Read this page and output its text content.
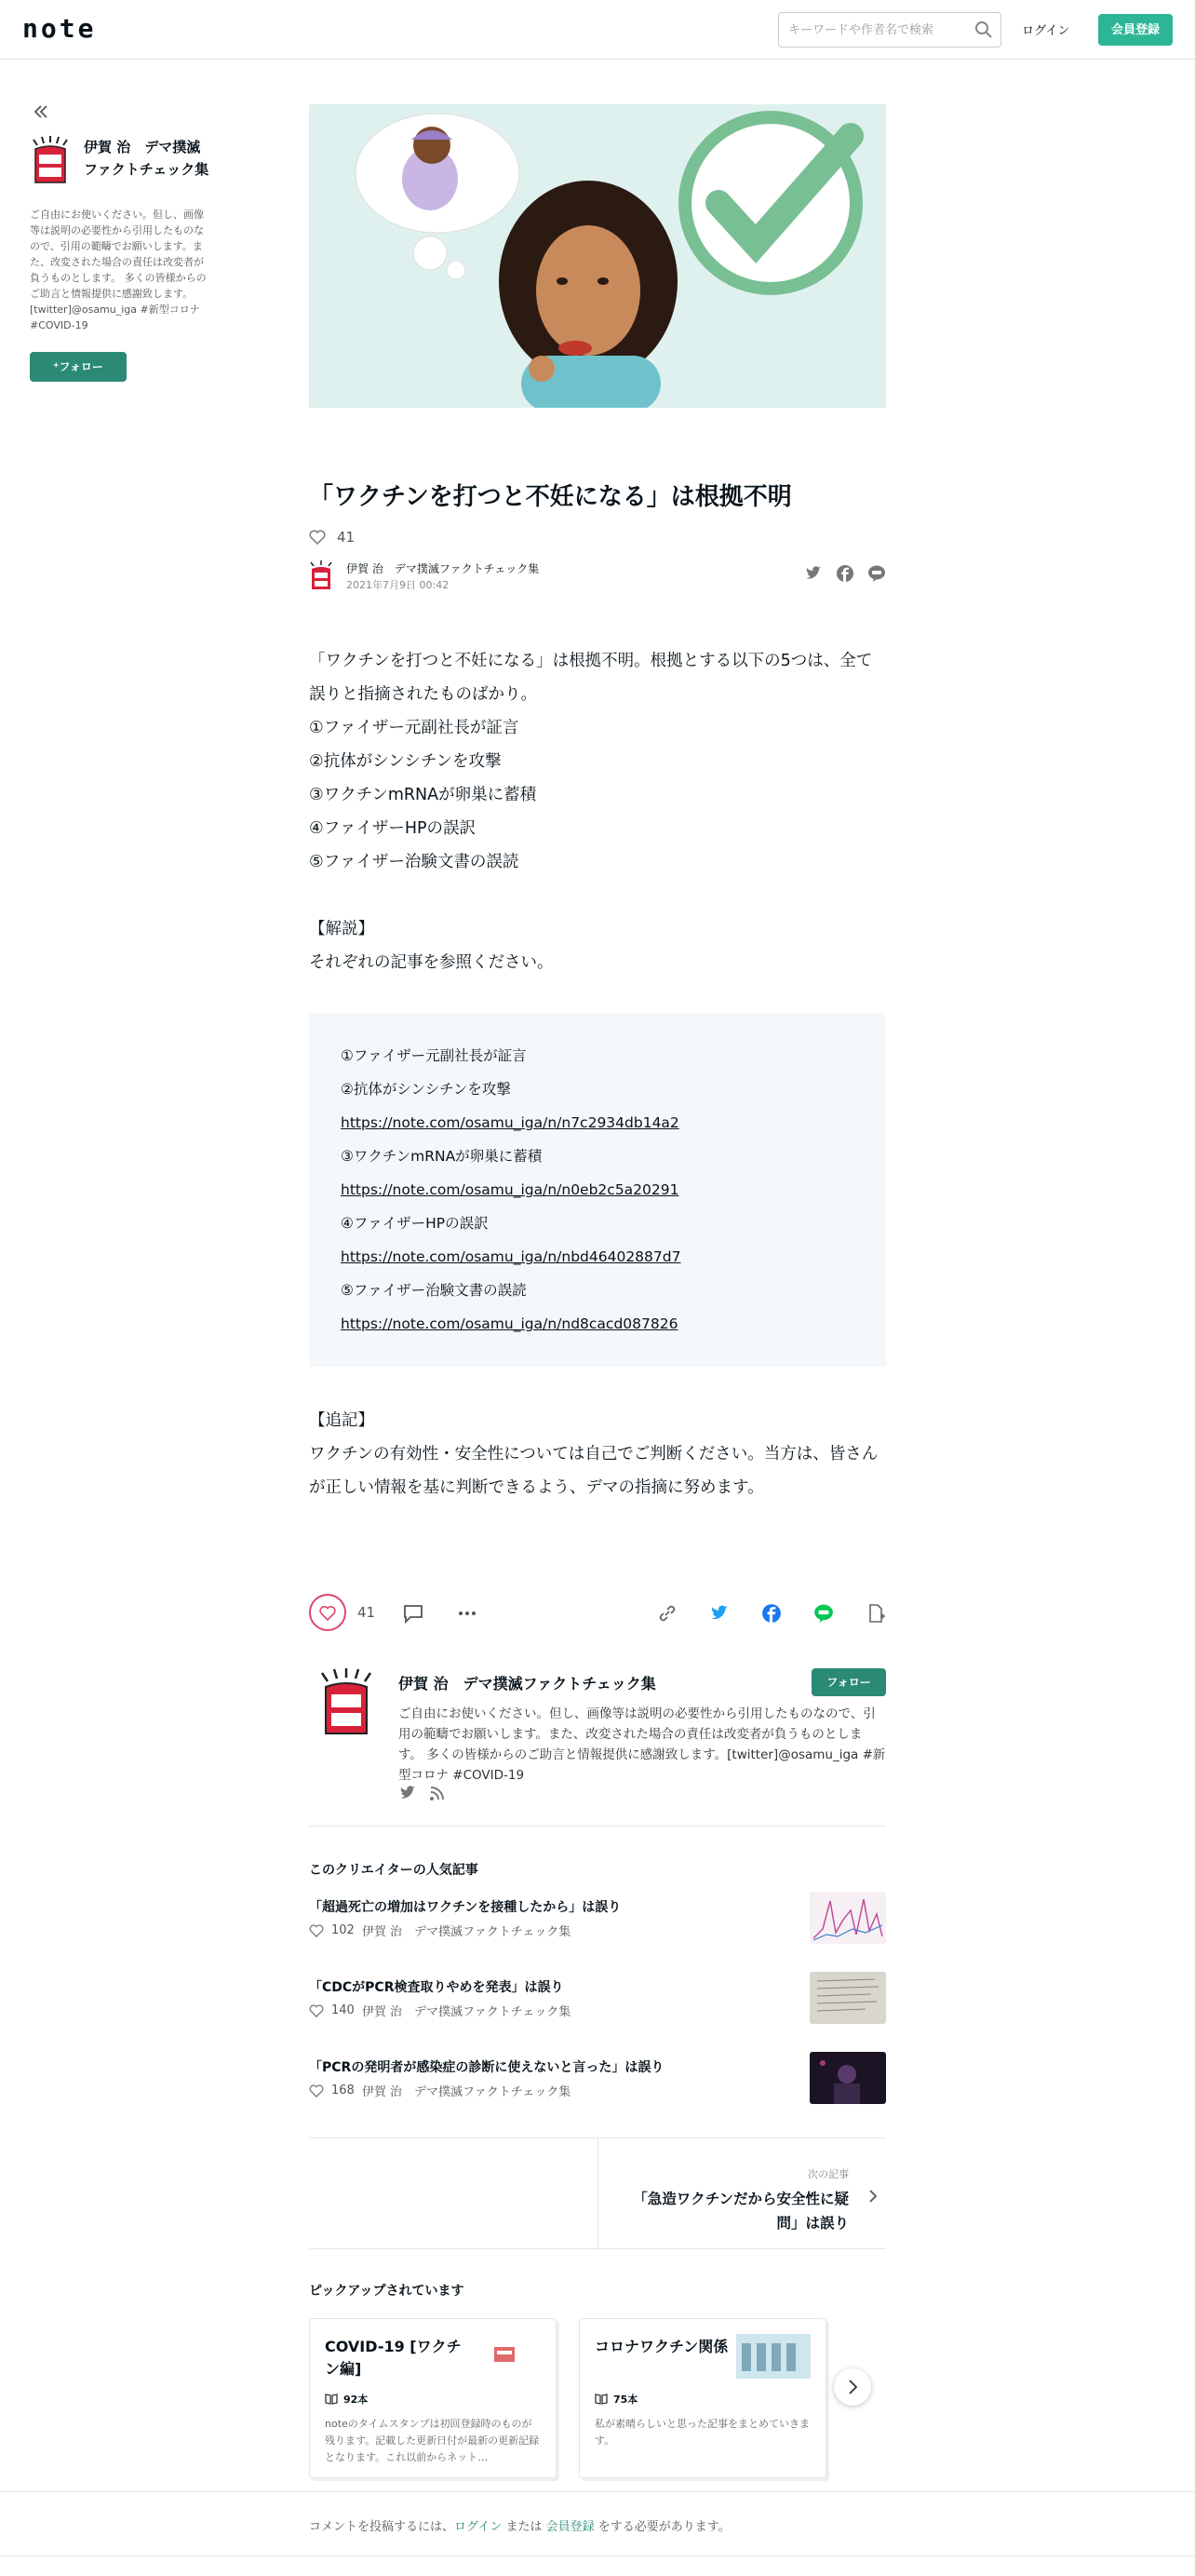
note
キーワードや作者名で検索	ログイン	会員登録
伊賀 治　デマ撲滅ファクトチェック集
ご自由にお使いください。但し、画像等は説明の必要性から引用したものなので、引用の範疇でお願いします。また、改変された場合の責任は改変者が負うものとします。 多くの皆様からのご助言と情報提供に感謝致します。[twitter]@osamu_iga #新型コロナ #COVID-19
⁺フォロー
「ワクチンを打つと不妊になる」は根拠不明
41
伊賀 治　デマ撲滅ファクトチェック集
2021年7月9日 00:42

「ワクチンを打つと不妊になる」は根拠不明。根拠とする以下の5つは、全て誤りと指摘されたものばかり。

①ファイザー元副社長が証言

②抗体がシンシチンを攻撃

③ワクチンmRNAが卵巣に蓄積

④ファイザーHPの誤訳

⑤ファイザー治験文書の誤読

【解説】

それぞれの記事を参照ください。

①ファイザー元副社長が証言
②抗体がシンシチンを攻撃
https://note.com/osamu_iga/n/n7c2934db14a2
③ワクチンmRNAが卵巣に蓄積
https://note.com/osamu_iga/n/n0eb2c5a20291
④ファイザーHPの誤訳
https://note.com/osamu_iga/n/nbd46402887d7
⑤ファイザー治験文書の誤読
https://note.com/osamu_iga/n/nd8cacd087826

【追記】

ワクチンの有効性・安全性については自己でご判断ください。当方は、皆さんが正しい情報を基に判断できるよう、デマの指摘に努めます。

41
伊賀 治　デマ撲滅ファクトチェック集	フォロー
ご自由にお使いください。但し、画像等は説明の必要性から引用したものなので、引用の範疇でお願いします。また、改変された場合の責任は改変者が負うものとします。 多くの皆様からのご助言と情報提供に感謝致します。[twitter]@osamu_iga #新型コロナ #COVID-19
このクリエイターの人気記事
「超過死亡の増加はワクチンを接種したから」は誤り
102 伊賀 治　デマ撲滅ファクトチェック集
「CDCがPCR検査取りやめを発表」は誤り
140 伊賀 治　デマ撲滅ファクトチェック集
「PCRの発明者が感染症の診断に使えないと言った」は誤り
168 伊賀 治　デマ撲滅ファクトチェック集
次の記事
「急造ワクチンだから安全性に疑問」は誤り
ピックアップされています
COVID-19 [ワクチン編]
92本
noteのタイムスタンプは初回登録時のものが残ります。記載した更新日付が最新の更新記録となります。これ以前からネット…
コロナワクチン関係
75本
私が素晴らしいと思った記事をまとめていきます。
コメントを投稿するには、ログイン または 会員登録 をする必要があります。
